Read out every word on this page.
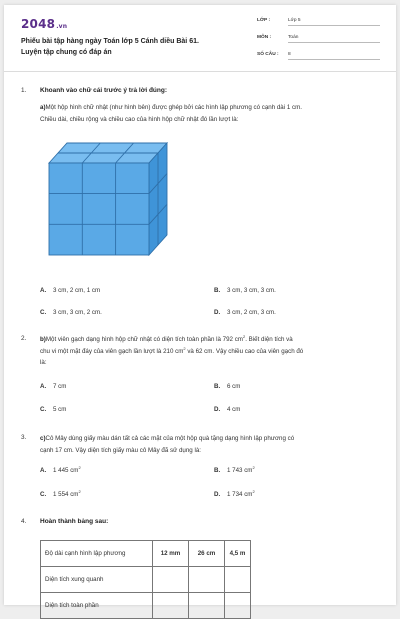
2048.vn
Phiếu bài tập hàng ngày Toán lớp 5 Cánh diều Bài 61.
Luyện tập chung có đáp án
LỚP :	Lớp 5
MÔN :	Toán
SỐ CÂU : 8
1. Khoanh vào chữ cái trước ý trả lời đúng:
a)Một hộp hình chữ nhật (như hình bên) được ghép bởi các hình lập phương có cạnh dài 1 cm.
Chiều dài, chiều rộng và chiều cao của hình hộp chữ nhật đó lần lượt là:
A. 3 cm, 2 cm, 1 cm	B. 3 cm, 3 cm, 3 cm.
C. 3 cm, 3 cm, 2 cm.	D. 3 cm, 2 cm, 3 cm.
2. b)Một viên gạch dạng hình hộp chữ nhật có diện tích toàn phần là 792 $cm^2$. Biết diện tích và
chu vi một mặt đáy của viên gạch lần lượt là 210 $cm^2$ và 62 cm. Vậy chiều cao của viên gạch đó
là:
A. 7 cm	B. 6 cm
C. 5 cm	D. 4 cm
3. c)Cô Mây dùng giấy màu dán tất cả các mặt của một hộp quà tặng dạng hình lập phương có
cạnh 17 cm. Vậy diện tích giấy màu cô Mây đã sử dụng là:
A. 1 445 $cm^2$	B. 1 743 $cm^2$
C. 1 554 $cm^2$	D. 1 734 $cm^2$
4. Hoàn thành bảng sau:
Độ dài cạnh hình lập phương	12 mm	26 cm	4,5 m
Diện tích xung quanh			
Diện tích toàn phần			
